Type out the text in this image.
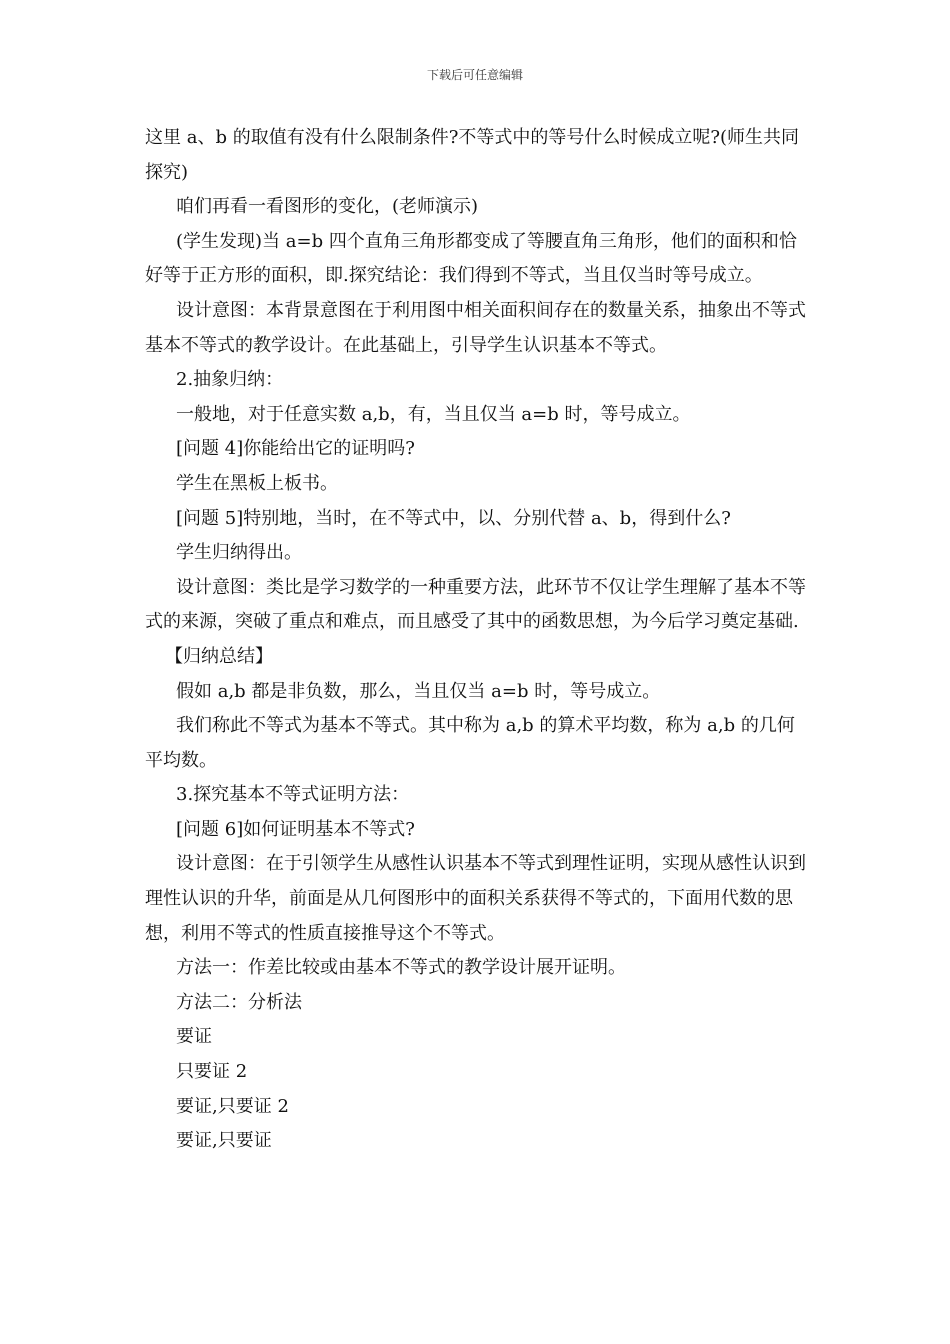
下载后可任意编辑

这里 a、b 的取值有没有什么限制条件?不等式中的等号什么时候成立呢?(师生共同探究)

咱们再看一看图形的变化，(老师演示)

(学生发现)当 a=b 四个直角三角形都变成了等腰直角三角形，他们的面积和恰好等于正方形的面积，即.探究结论：我们得到不等式，当且仅当时等号成立。

设计意图：本背景意图在于利用图中相关面积间存在的数量关系，抽象出不等式基本不等式的教学设计。在此基础上，引导学生认识基本不等式。

2.抽象归纳：

一般地，对于任意实数 a,b，有，当且仅当 a=b 时，等号成立。

[问题 4]你能给出它的证明吗?

学生在黑板上板书。

[问题 5]特别地，当时，在不等式中，以、分别代替 a、b，得到什么?

学生归纳得出。

设计意图：类比是学习数学的一种重要方法，此环节不仅让学生理解了基本不等式的来源，突破了重点和难点，而且感受了其中的函数思想，为今后学习奠定基础.

【归纳总结】

假如 a,b 都是非负数，那么，当且仅当 a=b 时，等号成立。

我们称此不等式为基本不等式。其中称为 a,b 的算术平均数，称为 a,b 的几何平均数。

3.探究基本不等式证明方法：

[问题 6]如何证明基本不等式?

设计意图：在于引领学生从感性认识基本不等式到理性证明，实现从感性认识到理性认识的升华，前面是从几何图形中的面积关系获得不等式的，下面用代数的思想，利用不等式的性质直接推导这个不等式。

方法一：作差比较或由基本不等式的教学设计展开证明。

方法二：分析法

要证

只要证 2

要证,只要证 2

要证,只要证
